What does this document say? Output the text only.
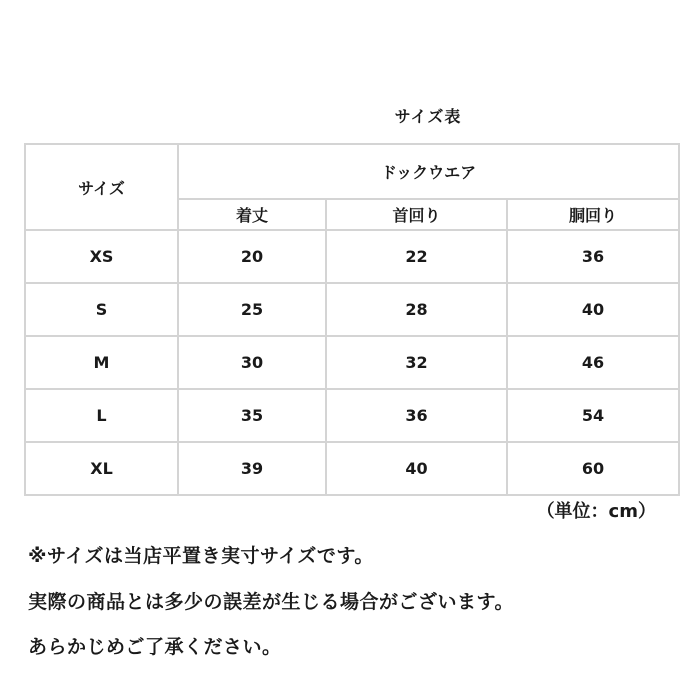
サイズ表
サイズ	ドックウエア		
	着丈	首回り	胴回り
XS	20	22	36
S	25	28	40
M	30	32	46
L	35	36	54
XL	39	40	60
（単位：cm）
※サイズは当店平置き実寸サイズです。
実際の商品とは多少の誤差が生じる場合がございます。
あらかじめご了承ください。
